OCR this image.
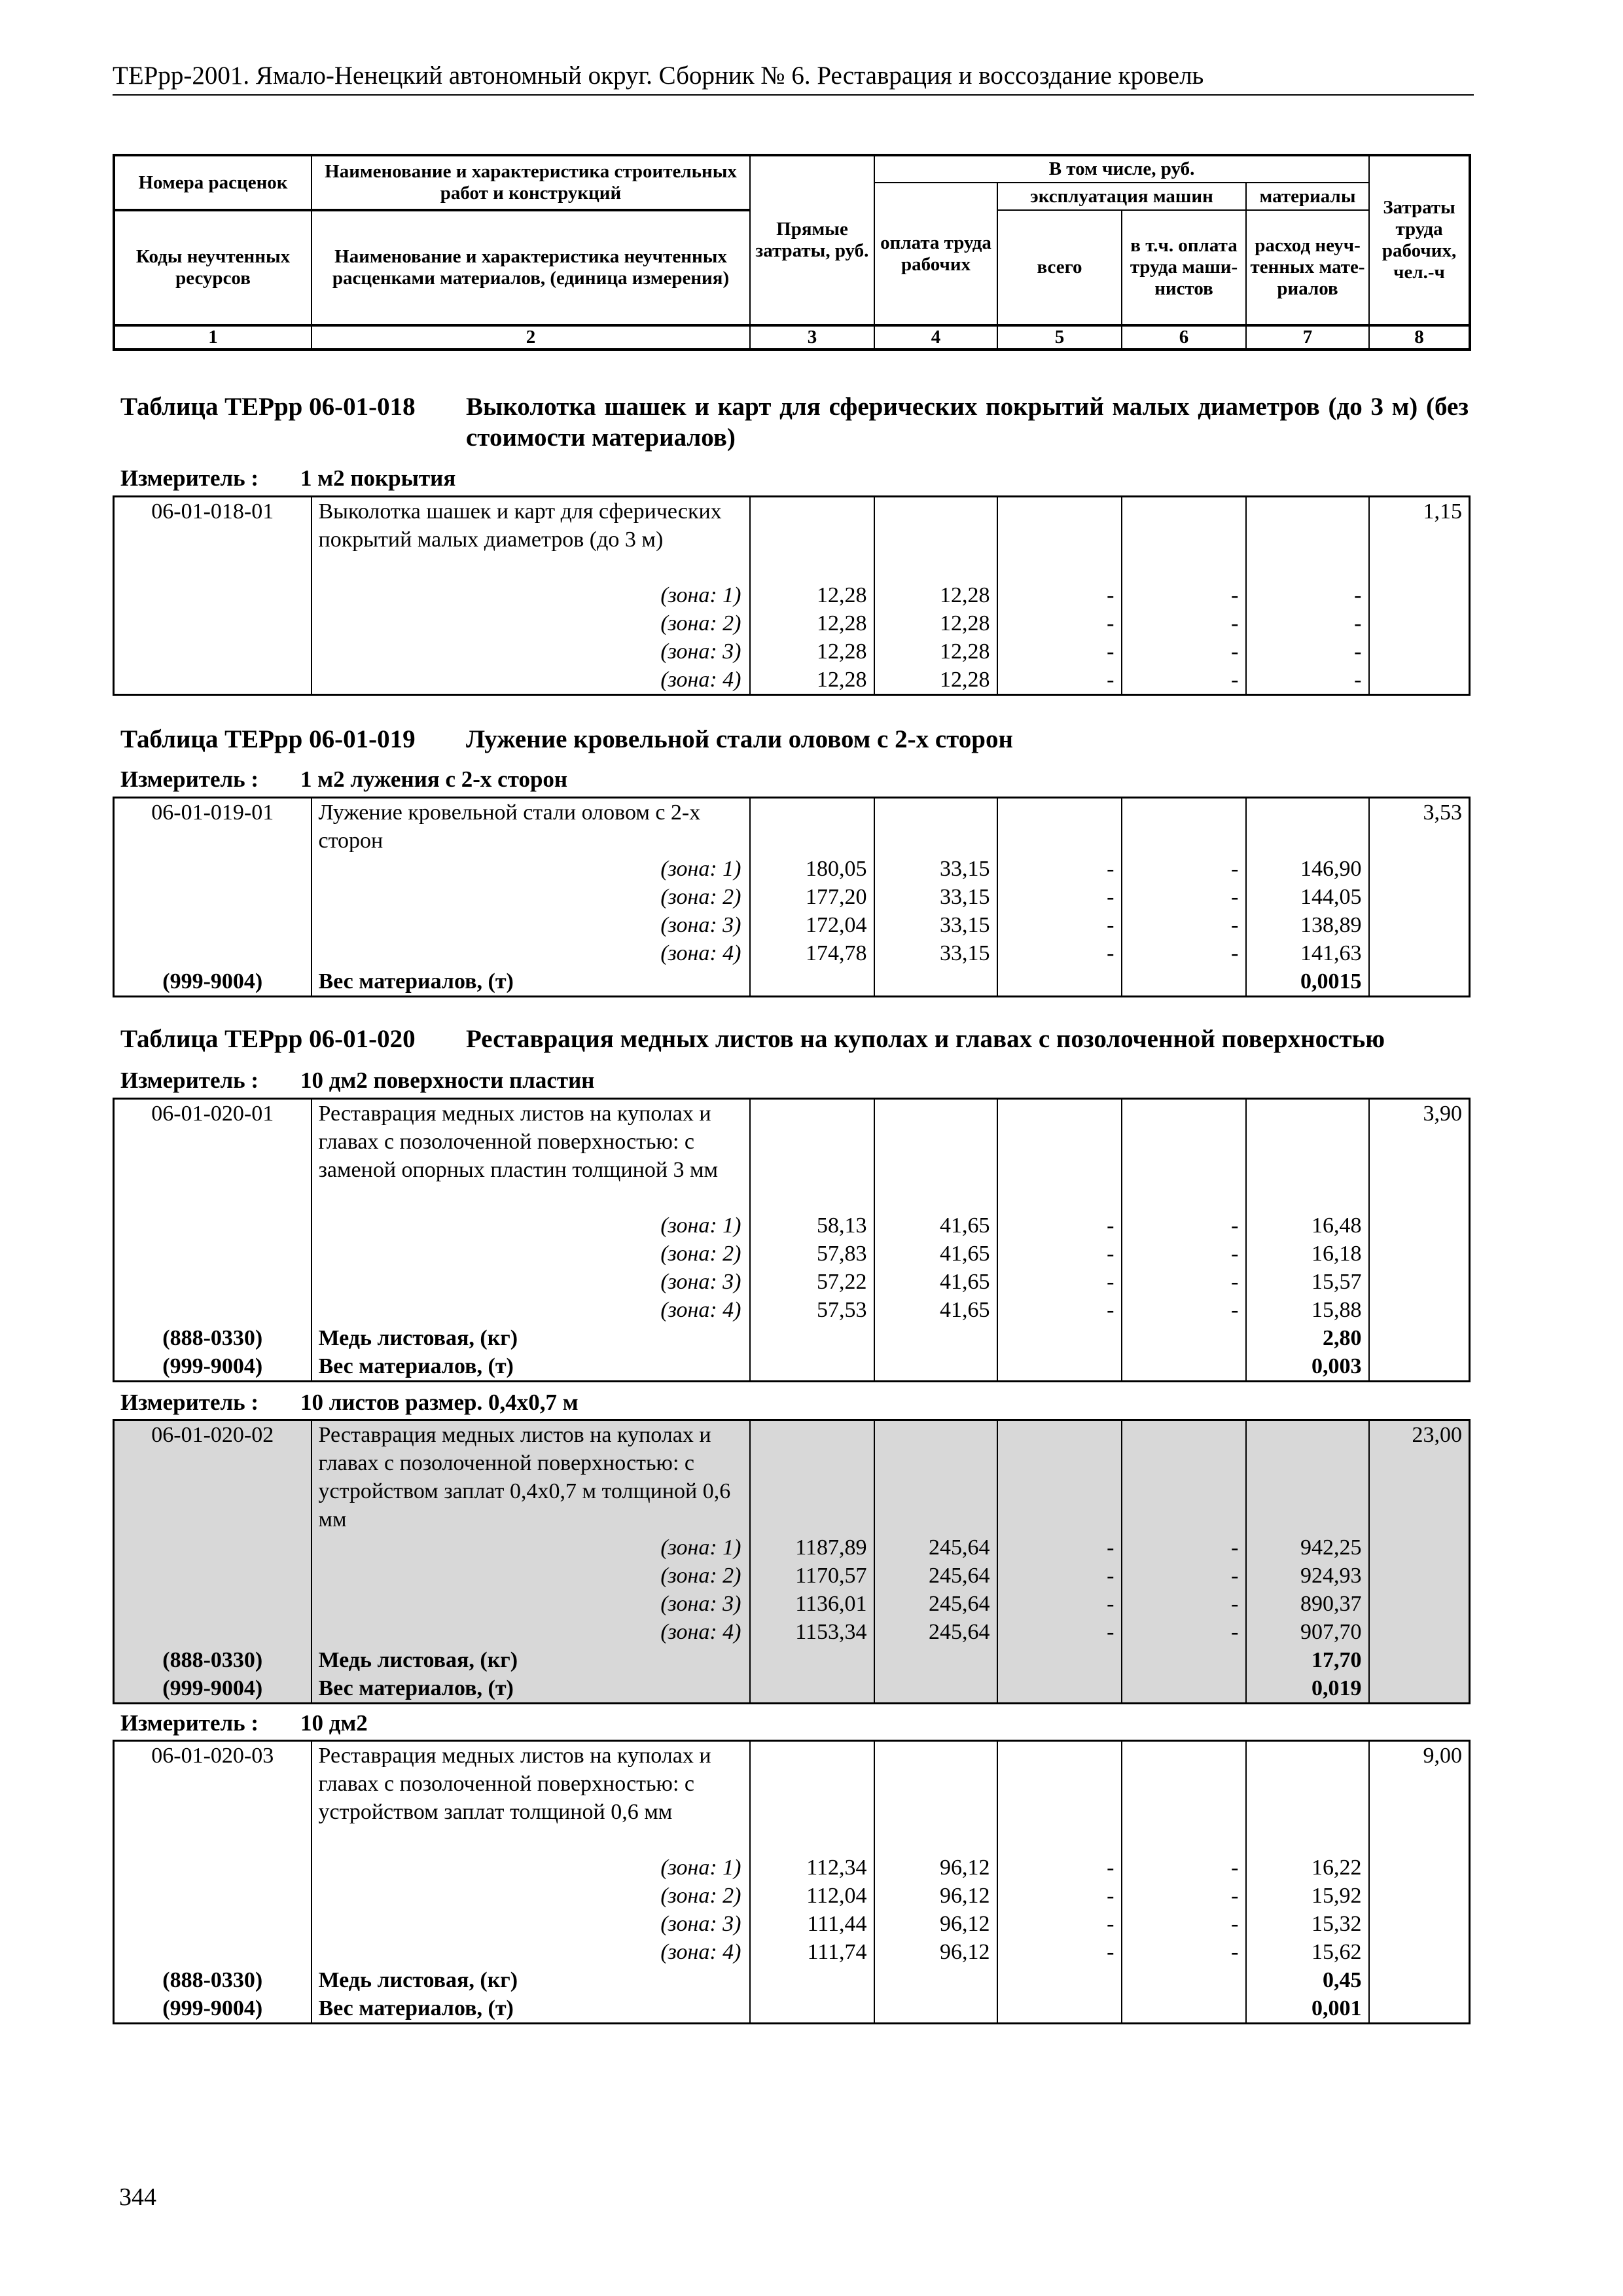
ТЕРрр-2001. Ямало-Ненецкий автономный округ. Сборник № 6. Реставрация и воссоздание кровель
Номера расценок	Наименование и характеристика строительных работ и конструкций	Прямые затраты, руб.	В том числе, руб.				Затраты труда рабочих, чел.-ч
			оплата труда рабочих	эксплуатация машин		материалы	
Коды неучтенных ресурсов	Наименование и характеристика неучтенных расценками материалов, (единица измерения)			всего	в т.ч. оплата труда маши-нистов	расход неуч-тенных мате-риалов	

1	2	3	4	5	6	7	8
Таблица ТЕРрр 06-01-018 Выколотка шашек и карт для сферических покрытий малых диаметров (до 3 м) (без стоимости материалов)
Измеритель : 1 м2 покрытия
06-01-018-01	Выколотка шашек и карт для сферических покрытий малых диаметров (до 3 м)						1,15

	(зона: 1)	12,28	12,28	-	-	-	
	(зона: 2)	12,28	12,28	-	-	-	
	(зона: 3)	12,28	12,28	-	-	-	
	(зона: 4)	12,28	12,28	-	-	-	
Таблица ТЕРрр 06-01-019 Лужение кровельной стали оловом с 2-х сторон
Измеритель : 1 м2 лужения с 2-х сторон
06-01-019-01	Лужение кровельной стали оловом с 2-х сторон						3,53

	(зона: 1)	180,05	33,15	-	-	146,90	
	(зона: 2)	177,20	33,15	-	-	144,05	
	(зона: 3)	172,04	33,15	-	-	138,89	
	(зона: 4)	174,78	33,15	-	-	141,63	
(999-9004)	Вес материалов, (т)					0,0015	
Таблица ТЕРрр 06-01-020 Реставрация медных листов на куполах и главах с позолоченной поверхностью
Измеритель : 10 дм2 поверхности пластин
06-01-020-01	Реставрация медных листов на куполах и главах с позолоченной поверхностью: с заменой опорных пластин толщиной 3 мм						3,90

	(зона: 1)	58,13	41,65	-	-	16,48	
	(зона: 2)	57,83	41,65	-	-	16,18	
	(зона: 3)	57,22	41,65	-	-	15,57	
	(зона: 4)	57,53	41,65	-	-	15,88	
(888-0330)	Медь листовая, (кг)					2,80	
(999-9004)	Вес материалов, (т)					0,003	
Измеритель : 10 листов размер. 0,4х0,7 м
06-01-020-02	Реставрация медных листов на куполах и главах с позолоченной поверхностью: с устройством заплат 0,4х0,7 м толщиной 0,6 мм						23,00

	(зона: 1)	1187,89	245,64	-	-	942,25	
	(зона: 2)	1170,57	245,64	-	-	924,93	
	(зона: 3)	1136,01	245,64	-	-	890,37	
	(зона: 4)	1153,34	245,64	-	-	907,70	
(888-0330)	Медь листовая, (кг)					17,70	
(999-9004)	Вес материалов, (т)					0,019	
Измеритель : 10 дм2
06-01-020-03	Реставрация медных листов на куполах и главах с позолоченной поверхностью: с устройством заплат толщиной 0,6 мм						9,00

	(зона: 1)	112,34	96,12	-	-	16,22	
	(зона: 2)	112,04	96,12	-	-	15,92	
	(зона: 3)	111,44	96,12	-	-	15,32	
	(зона: 4)	111,74	96,12	-	-	15,62	
(888-0330)	Медь листовая, (кг)					0,45	
(999-9004)	Вес материалов, (т)					0,001	
344
